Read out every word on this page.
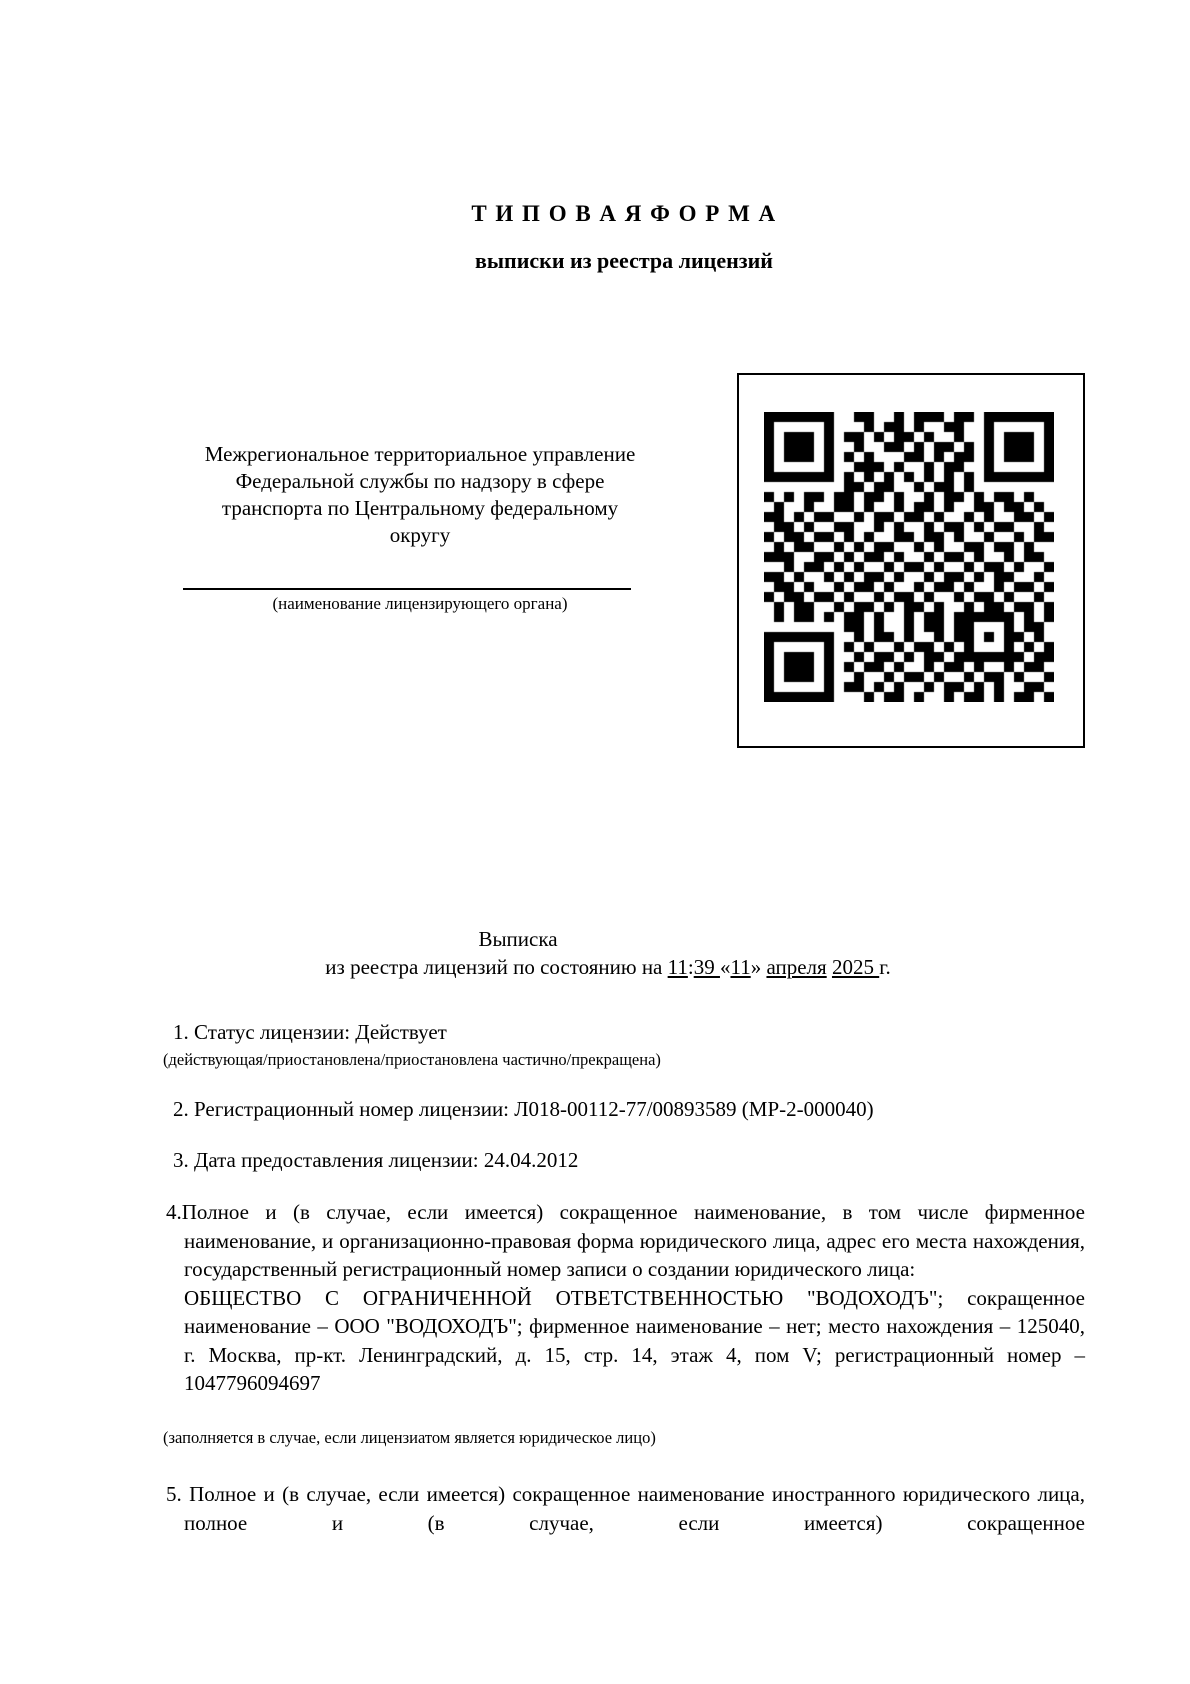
Т И П О В А Я Ф О Р М А
выписки из реестра лицензий
Межрегиональное территориальное управление
Федеральной службы по надзору в сфере
транспорта по Центральному федеральному
округу
(наименование лицензирующего органа)
Выписка
из реестра лицензий по состоянию на 11:39 «11» апреля 2025 г.
1. Статус лицензии: Действует
(действующая/приостановлена/приостановлена частично/прекращена)
2. Регистрационный номер лицензии: Л018-00112-77/00893589 (МР-2-000040)
3. Дата предоставления лицензии: 24.04.2012
4.Полное и (в случае, если имеется) сокращенное наименование, в том числе фирменное наименование, и организационно-правовая форма юридического лица, адрес его места нахождения, государственный регистрационный номер записи о создании юридического лица:
ОБЩЕСТВО С ОГРАНИЧЕННОЙ ОТВЕТСТВЕННОСТЬЮ "ВОДОХОДЪ"; сокращенное наименование – ООО "ВОДОХОДЪ"; фирменное наименование – нет; место нахождения – 125040, г. Москва, пр-кт. Ленинградский, д. 15, стр. 14, этаж 4, пом V; регистрационный номер – 1047796094697
(заполняется в случае, если лицензиатом является юридическое лицо)
5. Полное и (в случае, если имеется) сокращенное наименование иностранного юридического лица, полное и (в случае, если имеется) сокращенное
